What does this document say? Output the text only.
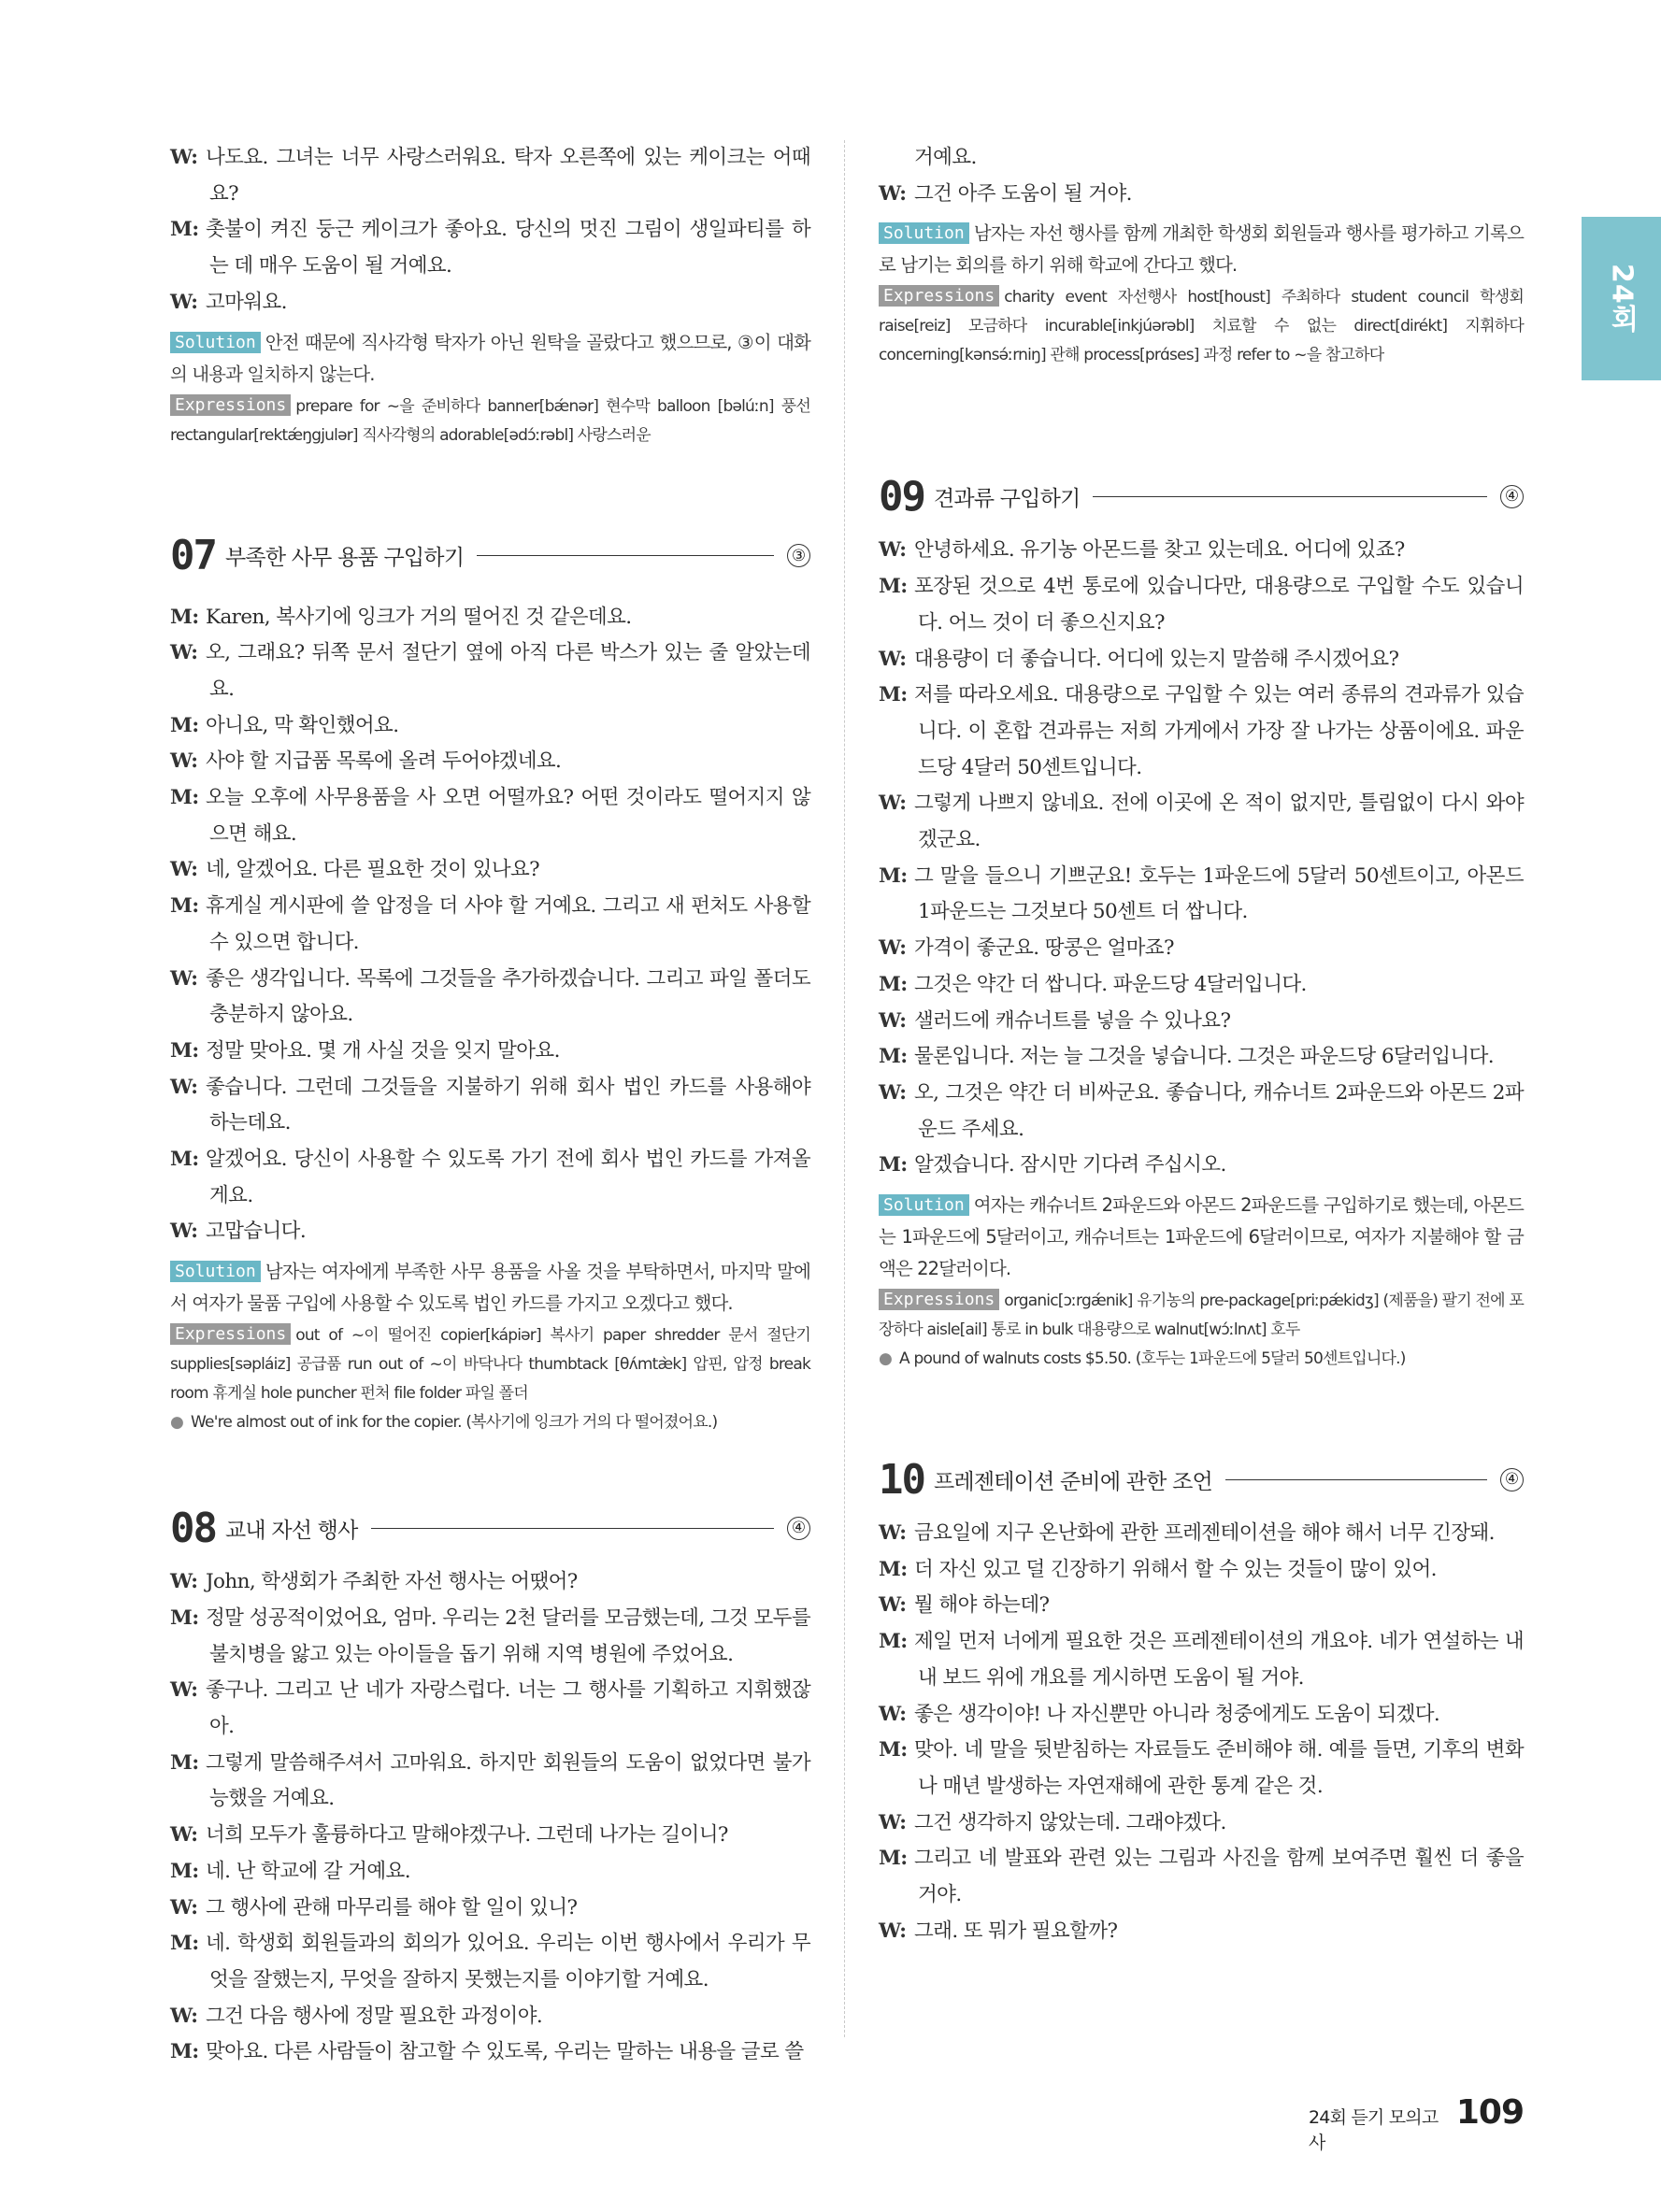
24회
W: 나도요. 그녀는 너무 사랑스러워요. 탁자 오른쪽에 있는 케이크는 어때요?
M: 촛불이 켜진 둥근 케이크가 좋아요. 당신의 멋진 그림이 생일파티를 하는 데 매우 도움이 될 거예요.
W: 고마워요.
Solution 안전 때문에 직사각형 탁자가 아닌 원탁을 골랐다고 했으므로, ③이 대화의 내용과 일치하지 않는다.
Expressions prepare for ~을 준비하다 banner[bǽnər] 현수막 balloon [bəlúːn] 풍선 rectangular[rektǽŋgjulər] 직사각형의 adorable[ədɔ́ːrəbl] 사랑스러운
07 부족한 사무 용품 구입하기	③
M: Karen, 복사기에 잉크가 거의 떨어진 것 같은데요.
W: 오, 그래요? 뒤쪽 문서 절단기 옆에 아직 다른 박스가 있는 줄 알았는데요.
M: 아니요, 막 확인했어요.
W: 사야 할 지급품 목록에 올려 두어야겠네요.
M: 오늘 오후에 사무용품을 사 오면 어떨까요? 어떤 것이라도 떨어지지 않으면 해요.
W: 네, 알겠어요. 다른 필요한 것이 있나요?
M: 휴게실 게시판에 쓸 압정을 더 사야 할 거예요. 그리고 새 펀처도 사용할 수 있으면 합니다.
W: 좋은 생각입니다. 목록에 그것들을 추가하겠습니다. 그리고 파일 폴더도 충분하지 않아요.
M: 정말 맞아요. 몇 개 사실 것을 잊지 말아요.
W: 좋습니다. 그런데 그것들을 지불하기 위해 회사 법인 카드를 사용해야 하는데요.
M: 알겠어요. 당신이 사용할 수 있도록 가기 전에 회사 법인 카드를 가져올게요.
W: 고맙습니다.
Solution 남자는 여자에게 부족한 사무 용품을 사올 것을 부탁하면서, 마지막 말에서 여자가 물품 구입에 사용할 수 있도록 법인 카드를 가지고 오겠다고 했다.
Expressions out of ~이 떨어진 copier[kápiər] 복사기 paper shredder 문서 절단기 supplies[səpláiz] 공급품 run out of ~이 바닥나다 thumbtack [θʌ́mtæ̀k] 압핀, 압정 break room 휴게실 hole puncher 펀처 file folder 파일 폴더
● We're almost out of ink for the copier. (복사기에 잉크가 거의 다 떨어졌어요.)
08 교내 자선 행사	④
W: John, 학생회가 주최한 자선 행사는 어땠어?
M: 정말 성공적이었어요, 엄마. 우리는 2천 달러를 모금했는데, 그것 모두를 불치병을 앓고 있는 아이들을 돕기 위해 지역 병원에 주었어요.
W: 좋구나. 그리고 난 네가 자랑스럽다. 너는 그 행사를 기획하고 지휘했잖아.
M: 그렇게 말씀해주셔서 고마워요. 하지만 회원들의 도움이 없었다면 불가능했을 거예요.
W: 너희 모두가 훌륭하다고 말해야겠구나. 그런데 나가는 길이니?
M: 네. 난 학교에 갈 거예요.
W: 그 행사에 관해 마무리를 해야 할 일이 있니?
M: 네. 학생회 회원들과의 회의가 있어요. 우리는 이번 행사에서 우리가 무엇을 잘했는지, 무엇을 잘하지 못했는지를 이야기할 거예요.
W: 그건 다음 행사에 정말 필요한 과정이야.
M: 맞아요. 다른 사람들이 참고할 수 있도록, 우리는 말하는 내용을 글로 쓸
거예요.
W: 그건 아주 도움이 될 거야.
Solution 남자는 자선 행사를 함께 개최한 학생회 회원들과 행사를 평가하고 기록으로 남기는 회의를 하기 위해 학교에 간다고 했다.
Expressions charity event 자선행사 host[houst] 주최하다 student council 학생회 raise[reiz] 모금하다 incurable[inkjúərəbl] 치료할 수 없는 direct[dirékt] 지휘하다 concerning[kənsə́ːrniŋ] 관해 process[prɑ́ses] 과정 refer to ~을 참고하다
09 견과류 구입하기	④
W: 안녕하세요. 유기농 아몬드를 찾고 있는데요. 어디에 있죠?
M: 포장된 것으로 4번 통로에 있습니다만, 대용량으로 구입할 수도 있습니다. 어느 것이 더 좋으신지요?
W: 대용량이 더 좋습니다. 어디에 있는지 말씀해 주시겠어요?
M: 저를 따라오세요. 대용량으로 구입할 수 있는 여러 종류의 견과류가 있습니다. 이 혼합 견과류는 저희 가게에서 가장 잘 나가는 상품이에요. 파운드당 4달러 50센트입니다.
W: 그렇게 나쁘지 않네요. 전에 이곳에 온 적이 없지만, 틀림없이 다시 와야겠군요.
M: 그 말을 들으니 기쁘군요! 호두는 1파운드에 5달러 50센트이고, 아몬드 1파운드는 그것보다 50센트 더 쌉니다.
W: 가격이 좋군요. 땅콩은 얼마죠?
M: 그것은 약간 더 쌉니다. 파운드당 4달러입니다.
W: 샐러드에 캐슈너트를 넣을 수 있나요?
M: 물론입니다. 저는 늘 그것을 넣습니다. 그것은 파운드당 6달러입니다.
W: 오, 그것은 약간 더 비싸군요. 좋습니다, 캐슈너트 2파운드와 아몬드 2파운드 주세요.
M: 알겠습니다. 잠시만 기다려 주십시오.
Solution 여자는 캐슈너트 2파운드와 아몬드 2파운드를 구입하기로 했는데, 아몬드는 1파운드에 5달러이고, 캐슈너트는 1파운드에 6달러이므로, 여자가 지불해야 할 금액은 22달러이다.
Expressions organic[ɔːrgǽnik] 유기농의 pre-package[priːpǽkidʒ] (제품을) 팔기 전에 포장하다 aisle[ail] 통로 in bulk 대용량으로 walnut[wɔ́ːlnʌt] 호두
● A pound of walnuts costs $5.50. (호두는 1파운드에 5달러 50센트입니다.)
10 프레젠테이션 준비에 관한 조언	④
W: 금요일에 지구 온난화에 관한 프레젠테이션을 해야 해서 너무 긴장돼.
M: 더 자신 있고 덜 긴장하기 위해서 할 수 있는 것들이 많이 있어.
W: 뭘 해야 하는데?
M: 제일 먼저 너에게 필요한 것은 프레젠테이션의 개요야. 네가 연설하는 내내 보드 위에 개요를 게시하면 도움이 될 거야.
W: 좋은 생각이야! 나 자신뿐만 아니라 청중에게도 도움이 되겠다.
M: 맞아. 네 말을 뒷받침하는 자료들도 준비해야 해. 예를 들면, 기후의 변화나 매년 발생하는 자연재해에 관한 통계 같은 것.
W: 그건 생각하지 않았는데. 그래야겠다.
M: 그리고 네 발표와 관련 있는 그림과 사진을 함께 보여주면 훨씬 더 좋을 거야.
W: 그래. 또 뭐가 필요할까?
24회 듣기 모의고사
109
